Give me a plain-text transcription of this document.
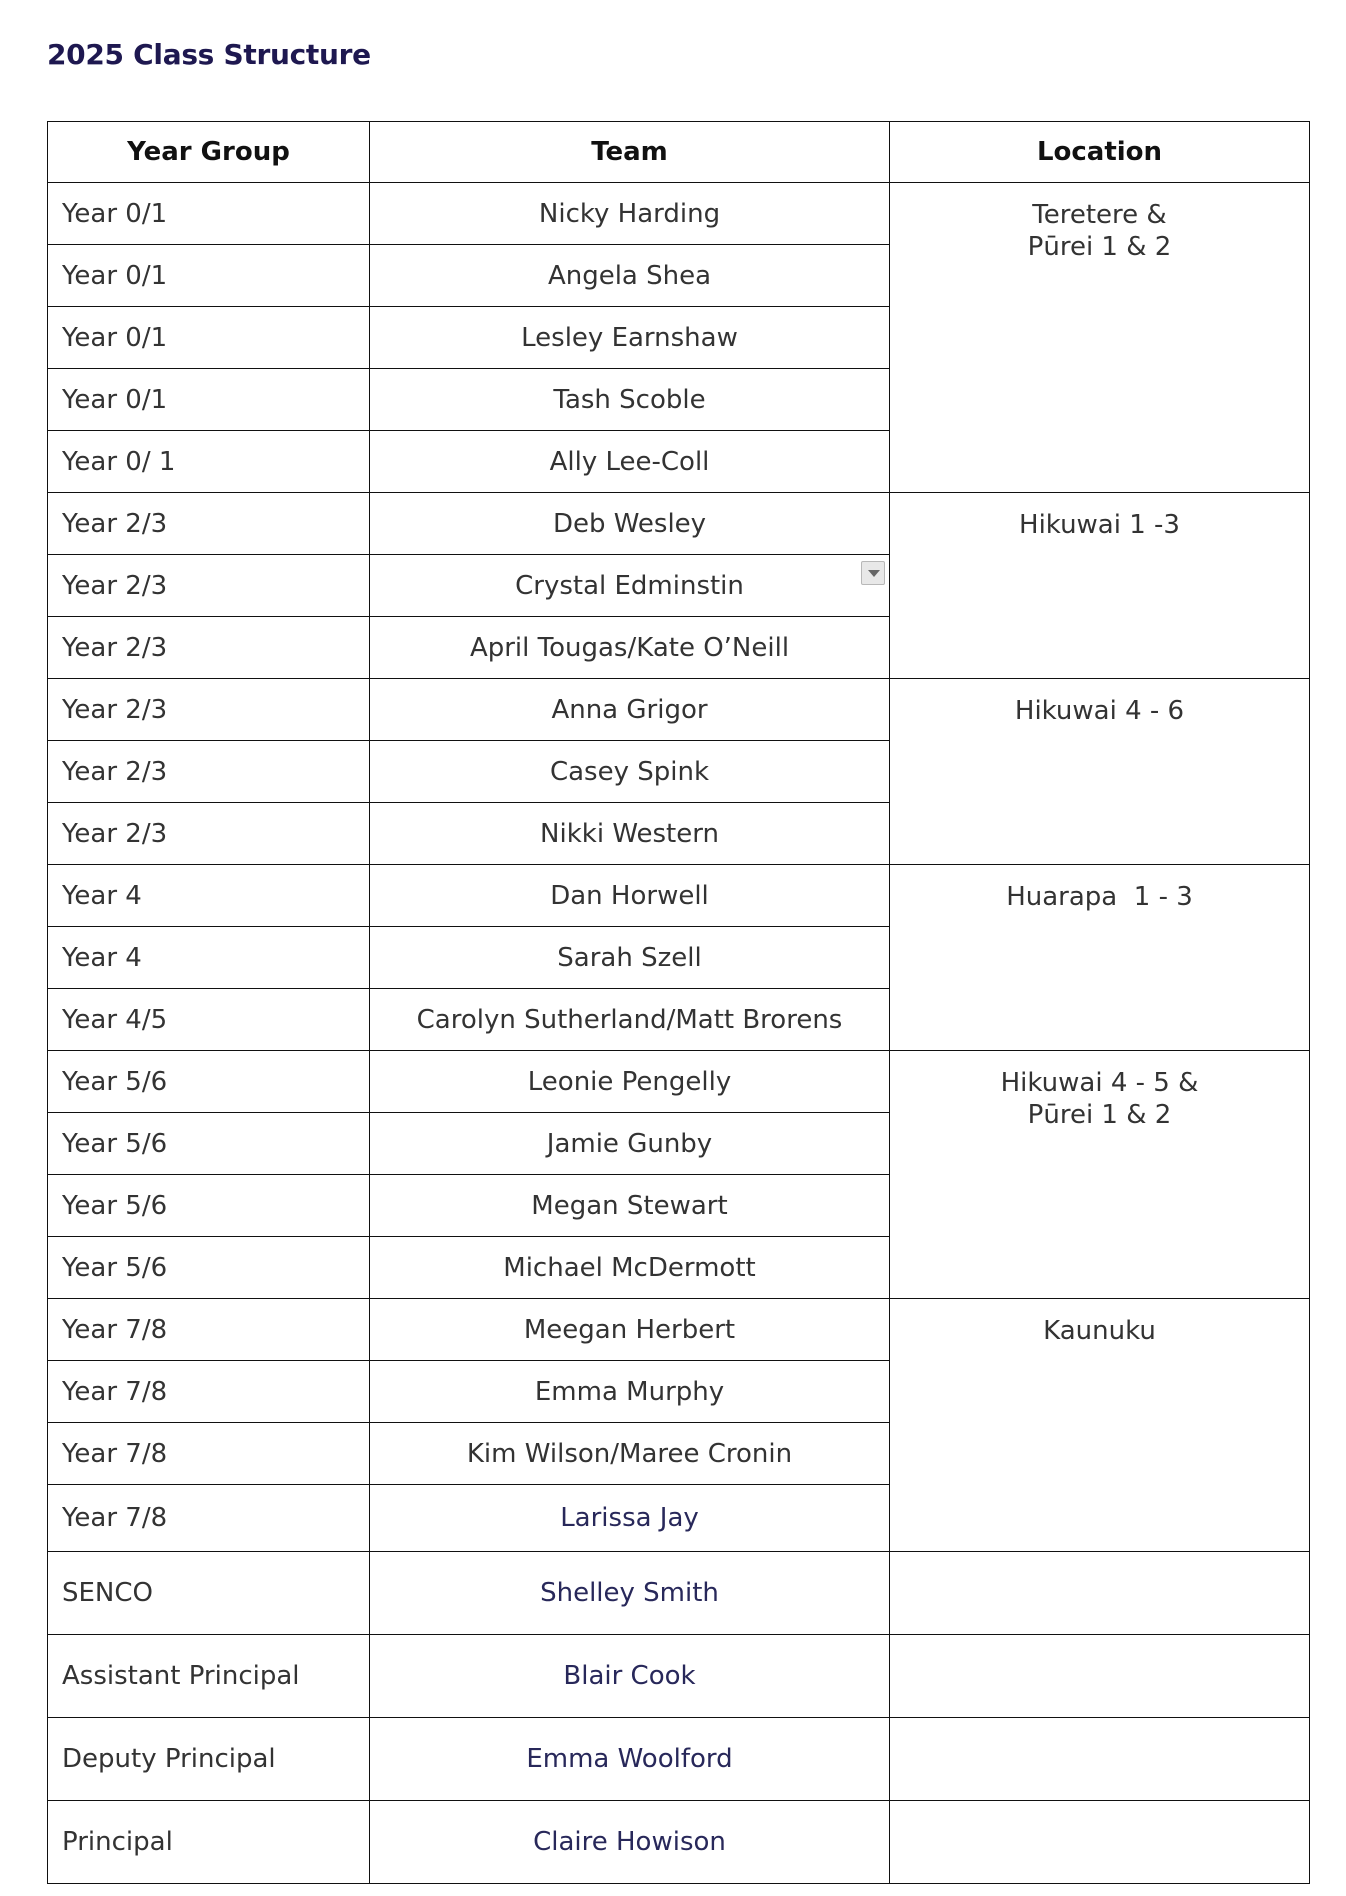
2025 Class Structure
Year Group	Team	Location
Year 0/1	Nicky Harding	Teretere &
Pūrei 1 & 2

Year 0/1	Angela Shea	
Year 0/1	Lesley Earnshaw	
Year 0/1	Tash Scoble	
Year 0/ 1	Ally Lee-Coll	
Year 2/3	Deb Wesley	Hikuwai 1 -3

Year 2/3	Crystal Edminstin	

Year 2/3	April Tougas/Kate O’Neill	
Year 2/3	Anna Grigor	Hikuwai 4 - 6

Year 2/3	Casey Spink	
Year 2/3	Nikki Western	
Year 4	Dan Horwell	Huarapa  1 - 3

Year 4	Sarah Szell	
Year 4/5	Carolyn Sutherland/Matt Brorens	
Year 5/6	Leonie Pengelly	Hikuwai 4 - 5 &
Pūrei 1 & 2

Year 5/6	Jamie Gunby	
Year 5/6	Megan Stewart	
Year 5/6	Michael McDermott	
Year 7/8	Meegan Herbert	Kaunuku

Year 7/8	Emma Murphy	
Year 7/8	Kim Wilson/Maree Cronin	
Year 7/8	Larissa Jay	
SENCO	Shelley Smith	
Assistant Principal	Blair Cook	
Deputy Principal	Emma Woolford	
Principal	Claire Howison	
